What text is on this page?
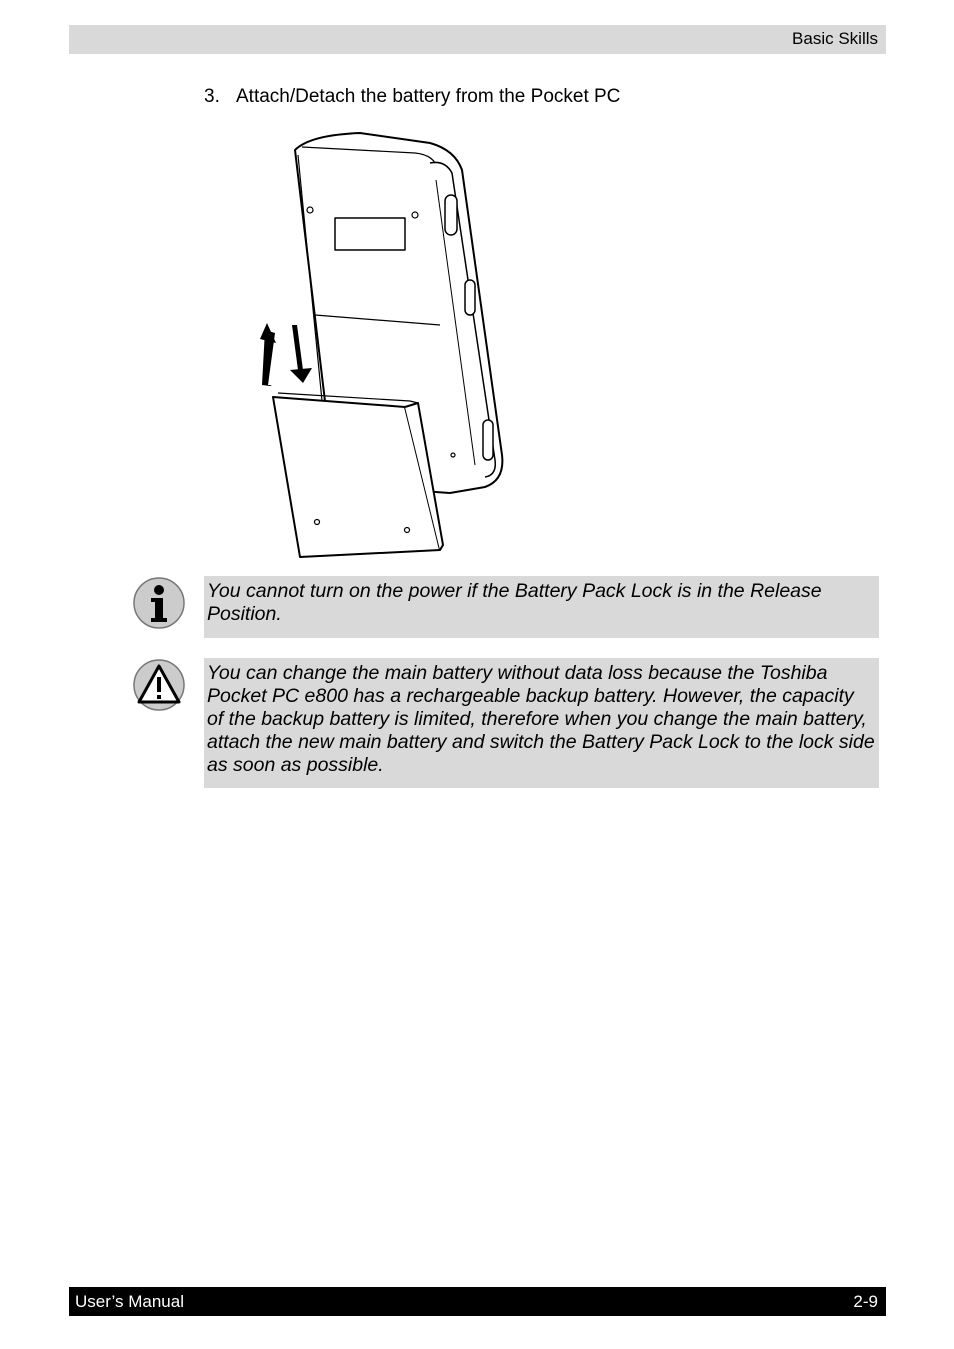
Basic Skills
3. Attach/Detach the battery from the Pocket PC
You cannot turn on the power if the Battery Pack Lock is in the Release Position.
You can change the main battery without data loss because the Toshiba Pocket PC e800 has a rechargeable backup battery. However, the capacity of the backup battery is limited, therefore when you change the main battery, attach the new main battery and switch the Battery Pack Lock to the lock side as soon as possible.
User’s Manual	2-9
